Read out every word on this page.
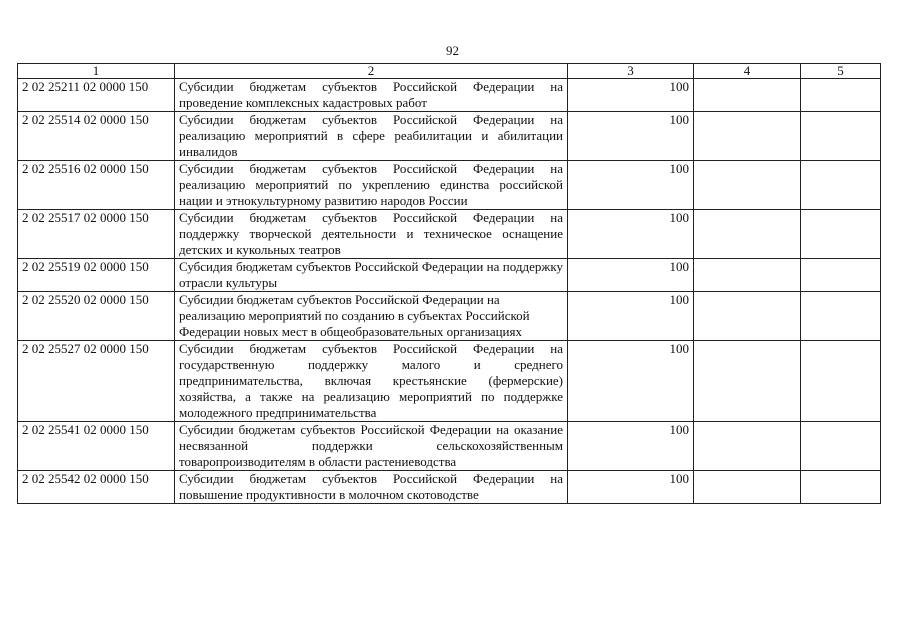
92
1	2	3	4	5
2 02 25211 02 0000 150	Субсидии бюджетам субъектов Российской Федерации на проведение комплексных кадастровых работ	100		
2 02 25514 02 0000 150	Субсидии бюджетам субъектов Российской Федерации на реализацию мероприятий в сфере реабилитации и абилитации инвалидов	100		
2 02 25516 02 0000 150	Субсидии бюджетам субъектов Российской Федерации на реализацию мероприятий по укреплению единства российской нации и этнокультурному развитию народов России	100		
2 02 25517 02 0000 150	Субсидии бюджетам субъектов Российской Федерации на поддержку творческой деятельности и техническое оснащение детских и кукольных театров	100		
2 02 25519 02 0000 150	Субсидия бюджетам субъектов Российской Федерации на поддержку отрасли культуры	100		
2 02 25520 02 0000 150	Субсидии бюджетам субъектов Российской Федерации на реализацию мероприятий по созданию в субъектах Российской Федерации новых мест в общеобразовательных организациях	100		
2 02 25527 02 0000 150	Субсидии бюджетам субъектов Российской Федерации на государственную поддержку малого и среднего предпринимательства, включая крестьянские (фермерские) хозяйства, а также на реализацию мероприятий по поддержке молодежного предпринимательства	100		
2 02 25541 02 0000 150	Субсидии бюджетам субъектов Российской Федерации на оказание несвязанной поддержки сельскохозяйственным товаропроизводителям в области растениеводства	100		
2 02 25542 02 0000 150	Субсидии бюджетам субъектов Российской Федерации на повышение продуктивности в молочном скотоводстве	100		
